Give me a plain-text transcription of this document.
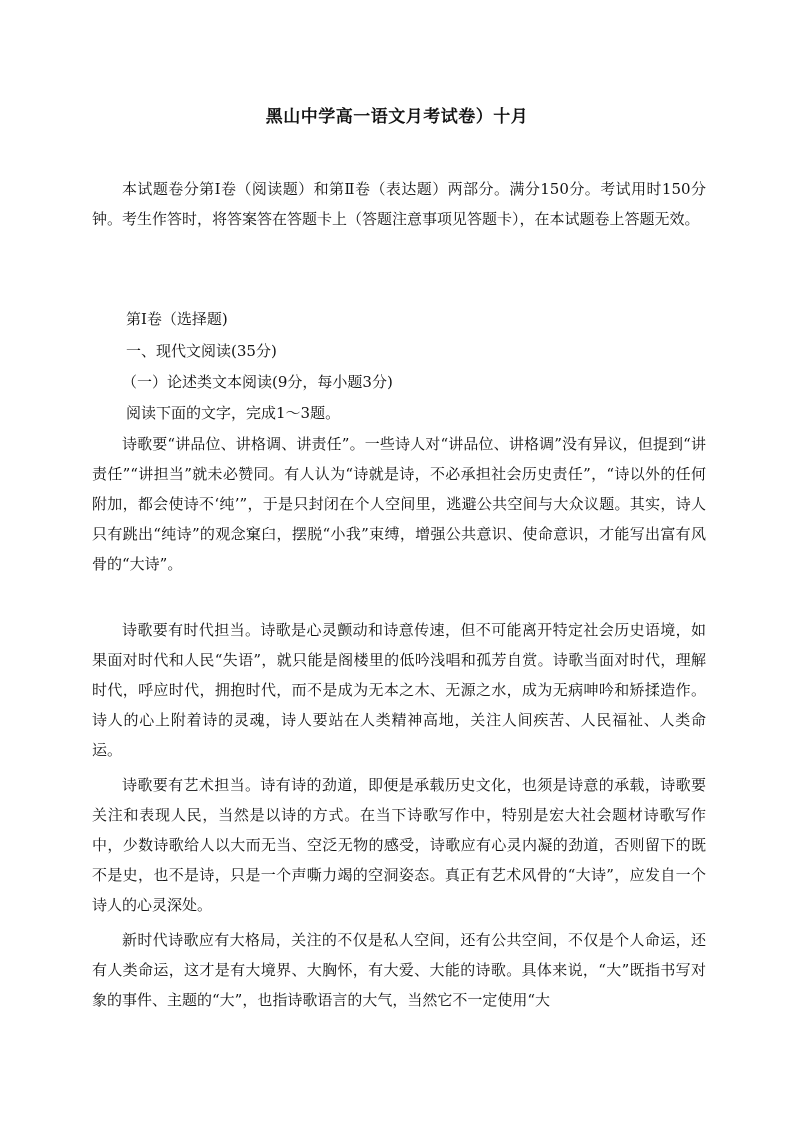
黑山中学高一语文月考试卷）十月
本试题卷分第Ⅰ卷（阅读题）和第Ⅱ卷（表达题）两部分。满分150分。考试用时150分钟。考生作答时，将答案答在答题卡上（答题注意事项见答题卡），在本试题卷上答题无效。
第Ⅰ卷（选择题)
一、现代文阅读(35分)
（一）论述类文本阅读(9分，每小题3分)
阅读下面的文字，完成1～3题。
诗歌要“讲品位、讲格调、讲责任”。一些诗人对“讲品位、讲格调”没有异议，但提到“讲责任”“讲担当”就未必赞同。有人认为“诗就是诗，不必承担社会历史责任”，“诗以外的任何附加，都会使诗不‘纯’”，于是只封闭在个人空间里，逃避公共空间与大众议题。其实，诗人只有跳出“纯诗”的观念窠臼，摆脱“小我”束缚，增强公共意识、使命意识，才能写出富有风骨的“大诗”。
诗歌要有时代担当。诗歌是心灵颤动和诗意传速，但不可能离开特定社会历史语境，如果面对时代和人民“失语”，就只能是阁楼里的低吟浅唱和孤芳自赏。诗歌当面对时代，理解时代，呼应时代，拥抱时代，而不是成为无本之木、无源之水，成为无病呻吟和矫揉造作。诗人的心上附着诗的灵魂，诗人要站在人类精神高地，关注人间疾苦、人民福祉、人类命运。
诗歌要有艺术担当。诗有诗的劲道，即便是承载历史文化，也须是诗意的承载，诗歌要关注和表现人民，当然是以诗的方式。在当下诗歌写作中，特别是宏大社会题材诗歌写作中，少数诗歌给人以大而无当、空泛无物的感受，诗歌应有心灵内凝的劲道，否则留下的既不是史，也不是诗，只是一个声嘶力竭的空洞姿态。真正有艺术风骨的“大诗”，应发自一个诗人的心灵深处。
新时代诗歌应有大格局，关注的不仅是私人空间，还有公共空间，不仅是个人命运，还有人类命运，这才是有大境界、大胸怀，有大爱、大能的诗歌。具体来说，“大”既指书写对象的事件、主题的“大”，也指诗歌语言的大气，当然它不一定使用“大
